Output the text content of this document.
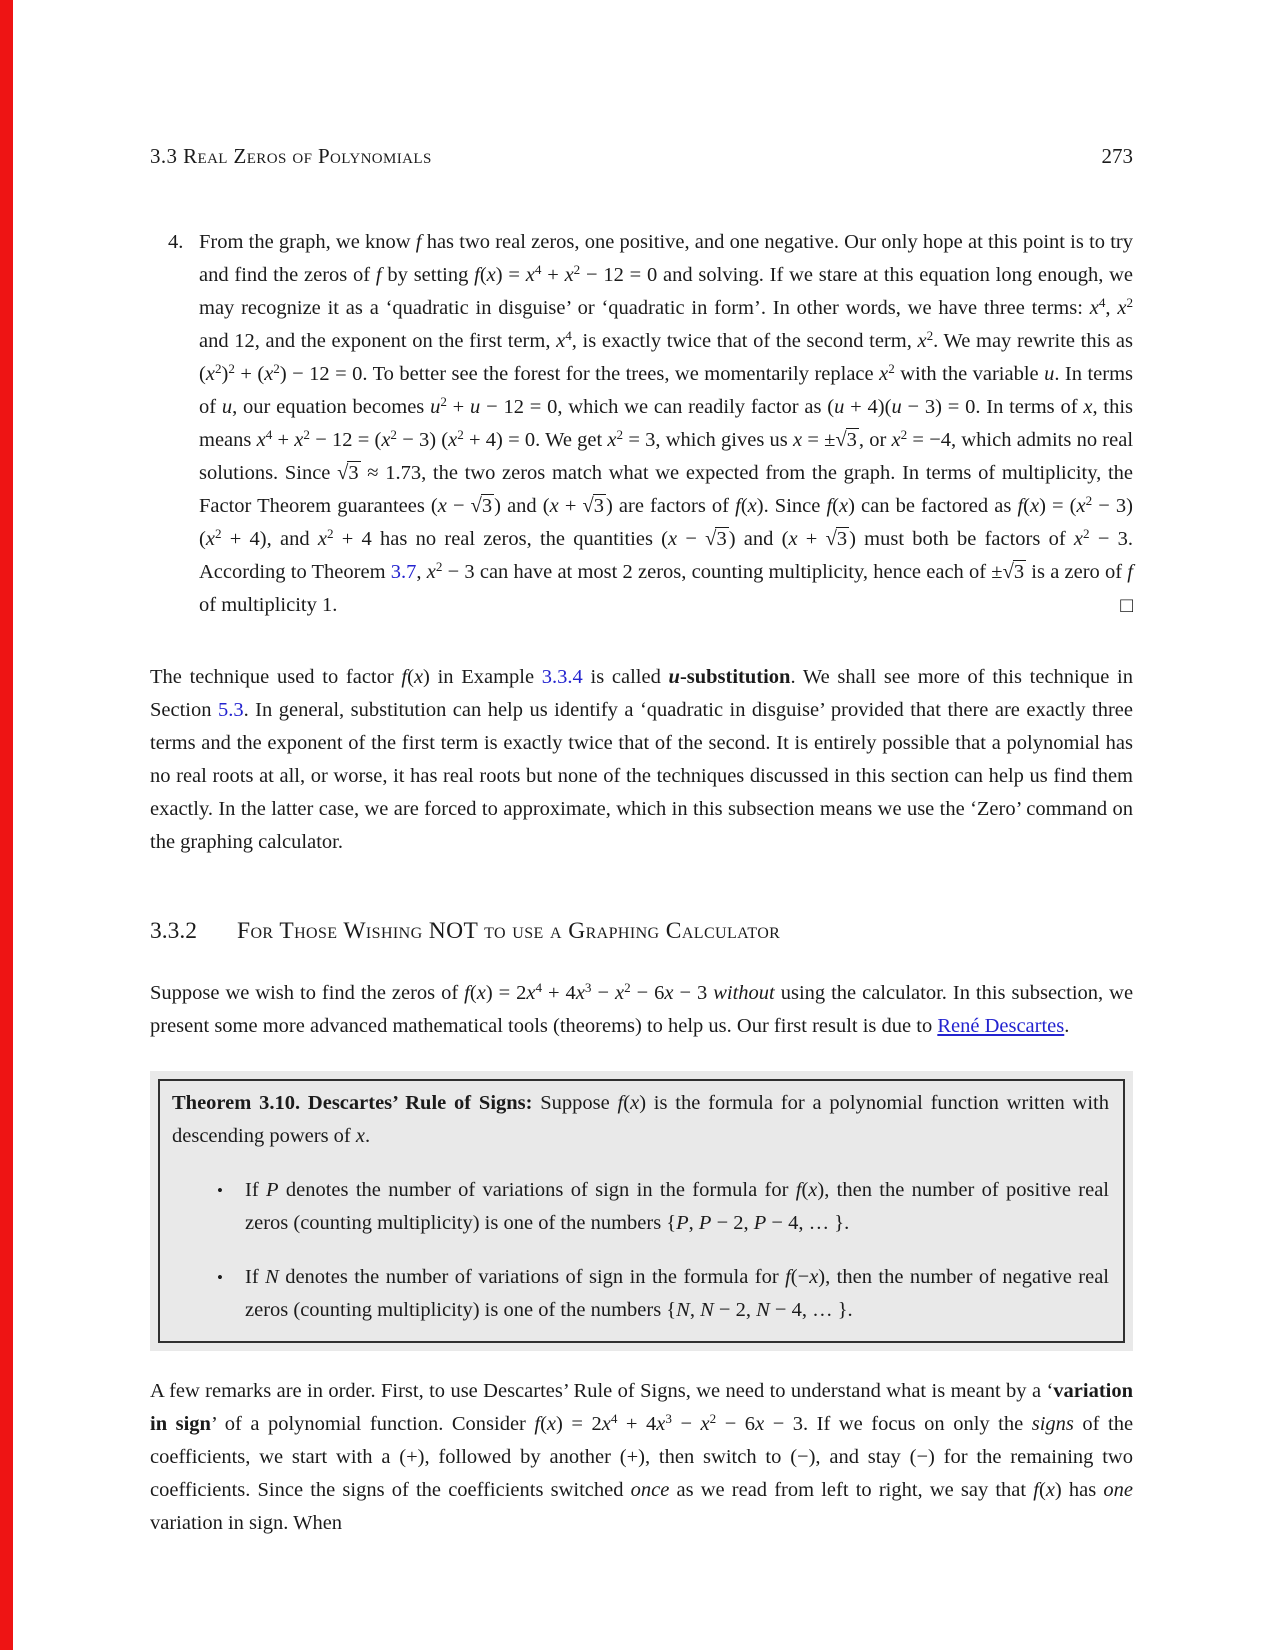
3.3 Real Zeros of Polynomials	273
4. From the graph, we know f has two real zeros, one positive, and one negative. Our only hope at this point is to try and find the zeros of f by setting $f(x) = x^4 + x^2 - 12 = 0$ and solving. If we stare at this equation long enough, we may recognize it as a ‘quadratic in disguise’ or ‘quadratic in form’. In other words, we have three terms: $x^4$, $x^2$ and 12, and the exponent on the first term, $x^4$, is exactly twice that of the second term, $x^2$. We may rewrite this as $(x^2)^2 + (x^2) - 12 = 0$. To better see the forest for the trees, we momentarily replace $x^2$ with the variable u. In terms of u, our equation becomes $u^2 + u - 12 = 0$, which we can readily factor as (u + 4)(u − 3) = 0. In terms of x, this means $x^4 + x^2 - 12 = (x^2 - 3) (x^2 + 4) = 0$. We get $x^2 = 3$, which gives us x = ±√3, or $x^2 = -4$, which admits no real solutions. Since √3 ≈ 1.73, the two zeros match what we expected from the graph. In terms of multiplicity, the Factor Theorem guarantees (x − √3) and (x + √3) are factors of f(x). Since f(x) can be factored as $f(x) = (x^2 - 3) (x^2 + 4)$, and $x^2 + 4$ has no real zeros, the quantities (x − √3) and (x + √3) must both be factors of $x^2 - 3$. According to Theorem 3.7, $x^2 - 3$ can have at most 2 zeros, counting multiplicity, hence each of ±√3 is a zero of f of multiplicity 1.	□

The technique used to factor f(x) in Example 3.3.4 is called u-substitution. We shall see more of this technique in Section 5.3. In general, substitution can help us identify a ‘quadratic in disguise’ provided that there are exactly three terms and the exponent of the first term is exactly twice that of the second. It is entirely possible that a polynomial has no real roots at all, or worse, it has real roots but none of the techniques discussed in this section can help us find them exactly. In the latter case, we are forced to approximate, which in this subsection means we use the ‘Zero’ command on the graphing calculator.

3.3.2 For Those Wishing NOT to use a Graphing Calculator

Suppose we wish to find the zeros of $f(x) = 2x^4 + 4x^3 - x^2 - 6x - 3$ without using the calculator. In this subsection, we present some more advanced mathematical tools (theorems) to help us. Our first result is due to René Descartes.

Theorem 3.10. Descartes’ Rule of Signs: Suppose f(x) is the formula for a polynomial function written with descending powers of x.

•	If P denotes the number of variations of sign in the formula for f(x), then the number of positive real zeros (counting multiplicity) is one of the numbers {P, P − 2, P − 4, … }.
•	If N denotes the number of variations of sign in the formula for f(−x), then the number of negative real zeros (counting multiplicity) is one of the numbers {N, N − 2, N − 4, … }.

A few remarks are in order. First, to use Descartes’ Rule of Signs, we need to understand what is meant by a ‘variation in sign’ of a polynomial function. Consider $f(x) = 2x^4 + 4x^3 - x^2 - 6x - 3$. If we focus on only the signs of the coefficients, we start with a (+), followed by another (+), then switch to (−), and stay (−) for the remaining two coefficients. Since the signs of the coefficients switched once as we read from left to right, we say that f(x) has one variation in sign. When
